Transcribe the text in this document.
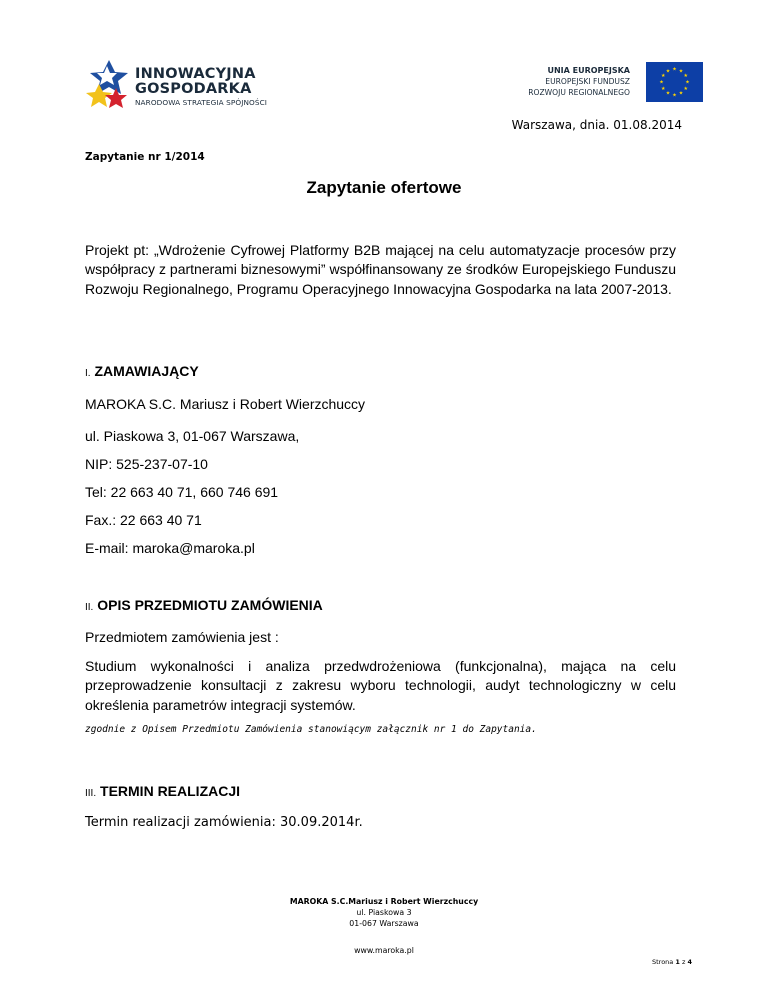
INNOWACYJNA
GOSPODARKA
NARODOWA STRATEGIA SPÓJNOŚCI
UNIA EUROPEJSKA
EUROPEJSKI FUNDUSZ
ROZWOJU REGIONALNEGO
★ ★
★
★
★
★
★
★
★
★
★
★
Warszawa, dnia. 01.08.2014
Zapytanie nr 1/2014
Zapytanie ofertowe
Projekt pt: „Wdrożenie Cyfrowej Platformy B2B mającej na celu automatyzacje procesów przy współpracy z partnerami biznesowymi” współfinansowany ze środków Europejskiego Funduszu Rozwoju Regionalnego, Programu Operacyjnego Innowacyjna Gospodarka na lata 2007-2013.
I. ZAMAWIAJĄCY
MAROKA S.C. Mariusz i Robert Wierzchuccy
ul. Piaskowa 3, 01-067 Warszawa,
NIP: 525-237-07-10
Tel: 22 663 40 71, 660 746 691
Fax.: 22 663 40 71
E-mail: maroka@maroka.pl
II. OPIS PRZEDMIOTU ZAMÓWIENIA
Przedmiotem zamówienia jest :
Studium wykonalności i analiza przedwdrożeniowa (funkcjonalna), mająca na celu przeprowadzenie konsultacji z zakresu wyboru technologii, audyt technologiczny w celu określenia parametrów integracji systemów.
zgodnie z Opisem Przedmiotu Zamówienia stanowiącym załącznik nr 1 do Zapytania.
III. TERMIN REALIZACJI
Termin realizacji zamówienia: 30.09.2014r.
MAROKA S.C.Mariusz i Robert Wierzchuccy
ul. Piaskowa 3
01-067 Warszawa
www.maroka.pl
Strona 1 z 4
